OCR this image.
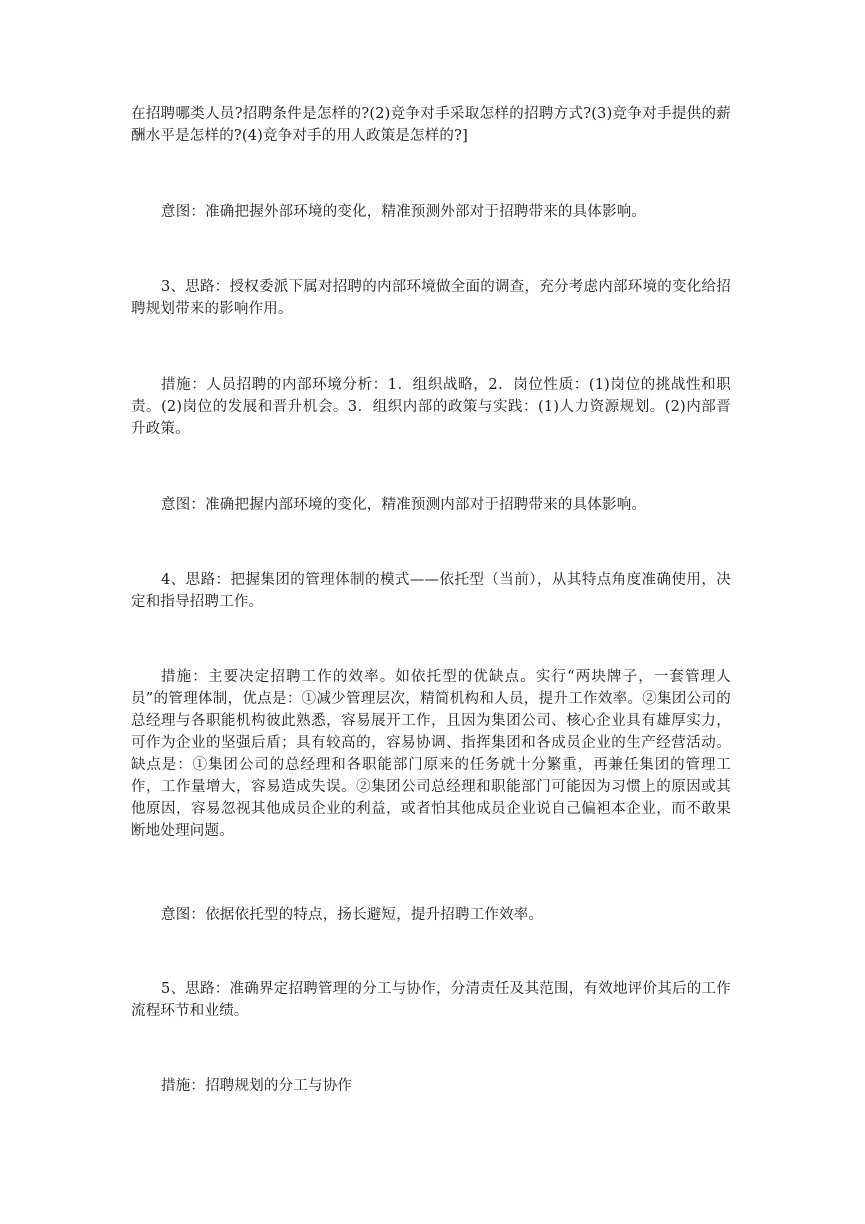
在招聘哪类人员?招聘条件是怎样的?(2)竞争对手采取怎样的招聘方式?(3)竞争对手提供的薪酬水平是怎样的?(4)竞争对手的用人政策是怎样的?]

意图：准确把握外部环境的变化，精准预测外部对于招聘带来的具体影响。

3、思路：授权委派下属对招聘的内部环境做全面的调查，充分考虑内部环境的变化给招聘规划带来的影响作用。

措施：人员招聘的内部环境分析：1．组织战略，2．岗位性质：(1)岗位的挑战性和职责。(2)岗位的发展和晋升机会。3．组织内部的政策与实践：(1)人力资源规划。(2)内部晋升政策。

意图：准确把握内部环境的变化，精准预测内部对于招聘带来的具体影响。

4、思路：把握集团的管理体制的模式——依托型（当前），从其特点角度准确使用，决定和指导招聘工作。

措施：主要决定招聘工作的效率。如依托型的优缺点。实行“两块牌子，一套管理人员”的管理体制，优点是：①减少管理层次，精简机构和人员，提升工作效率。②集团公司的总经理与各职能机构彼此熟悉，容易展开工作，且因为集团公司、核心企业具有雄厚实力，可作为企业的坚强后盾；具有较高的，容易协调、指挥集团和各成员企业的生产经营活动。缺点是：①集团公司的总经理和各职能部门原来的任务就十分繁重，再兼任集团的管理工作，工作量增大，容易造成失误。②集团公司总经理和职能部门可能因为习惯上的原因或其他原因，容易忽视其他成员企业的利益，或者怕其他成员企业说自己偏袒本企业，而不敢果断地处理问题。

意图：依据依托型的特点，扬长避短，提升招聘工作效率。

5、思路：准确界定招聘管理的分工与协作，分清责任及其范围，有效地评价其后的工作流程环节和业绩。

措施：招聘规划的分工与协作
